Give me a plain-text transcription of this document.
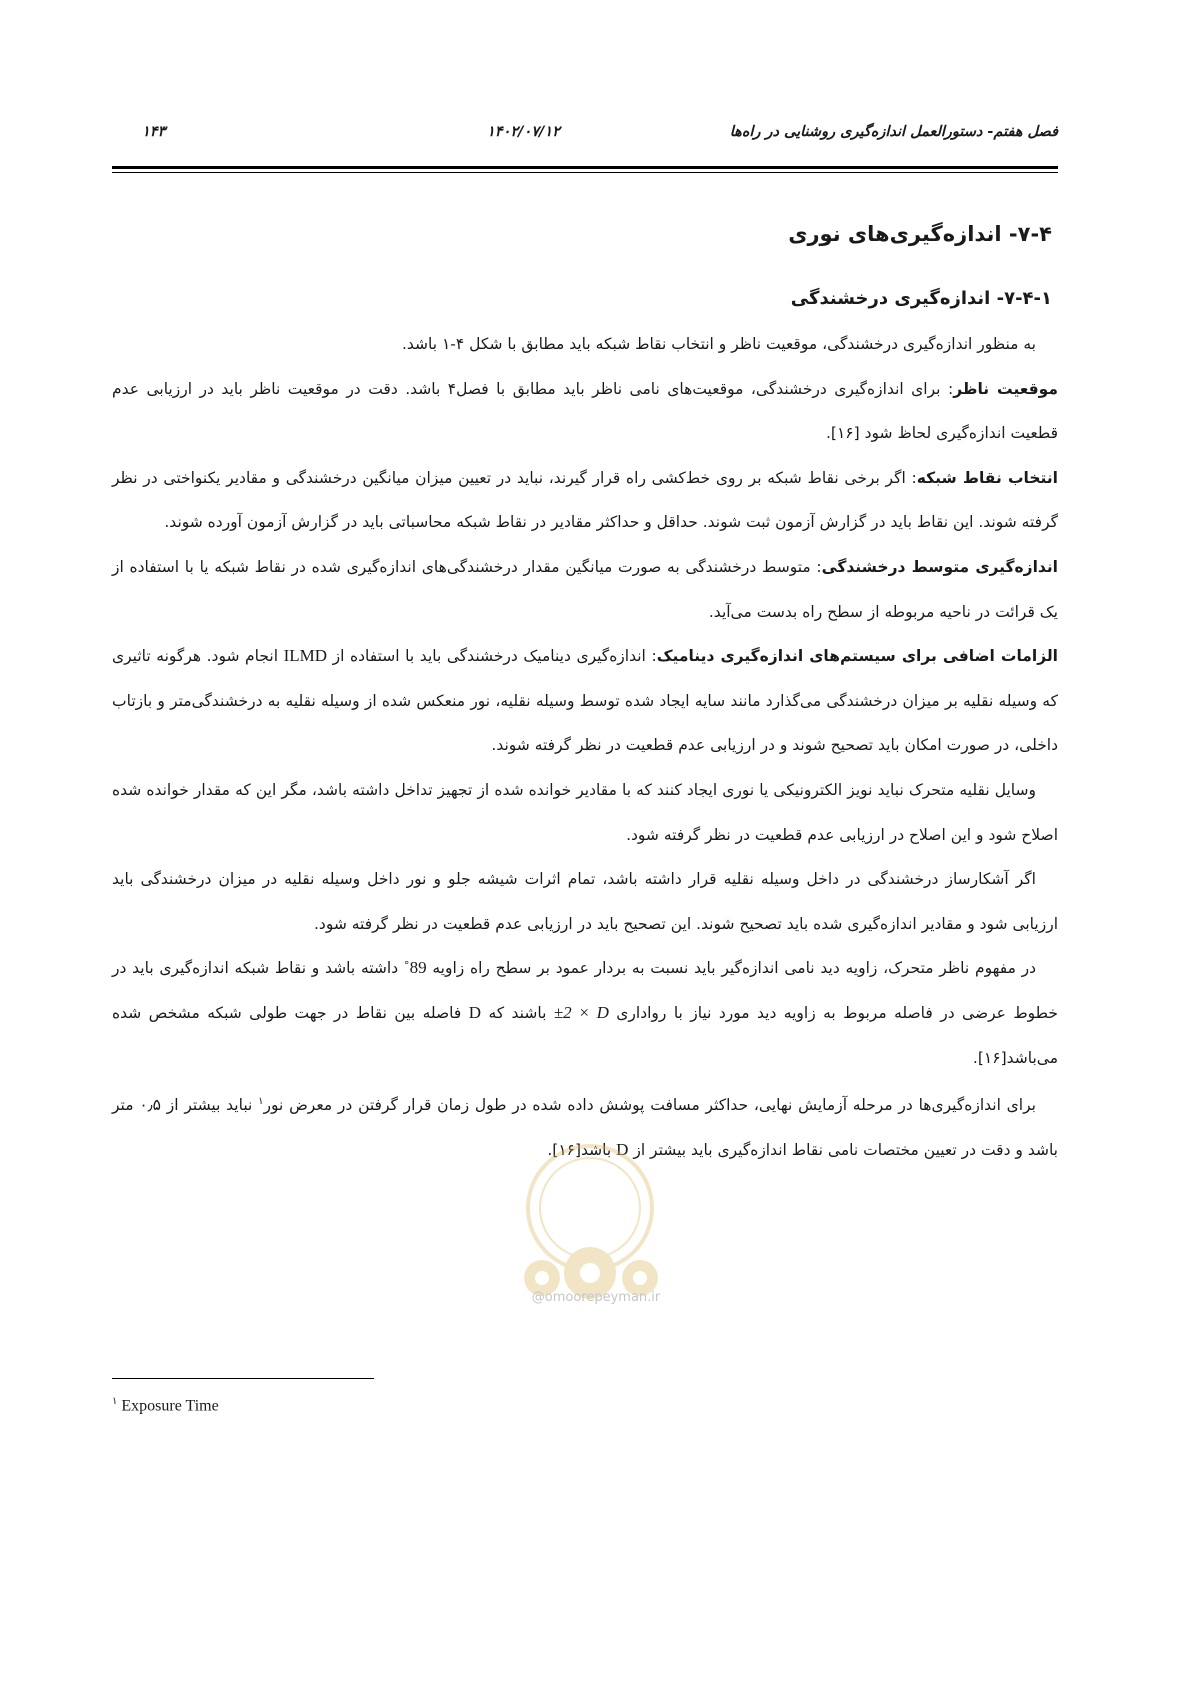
فصل هفتم- دستورالعمل اندازه‌گیری روشنایی در راه‌ها
۱۴۰۲/۰۷/۱۲
۱۴۳
۷-۴- اندازه‌گیری‌های نوری
۷-۴-۱- اندازه‌گیری درخشندگی

به منظور اندازه‌گیری درخشندگی، موقعیت ناظر و انتخاب نقاط شبکه باید مطابق با شکل ۴-۱ باشد.

موقعیت ناظر: برای اندازه‌گیری درخشندگی، موقعیت‌های نامی ناظر باید مطابق با فصل۴ باشد. دقت در موقعیت ناظر باید در ارزیابی عدم قطعیت اندازه‌گیری لحاظ شود [۱۶].

انتخاب نقاط شبکه: اگر برخی نقاط شبکه بر روی خط‌کشی راه قرار گیرند، نباید در تعیین میزان میانگین درخشندگی و مقادیر یکنواختی در نظر گرفته شوند. این نقاط باید در گزارش آزمون ثبت شوند. حداقل و حداکثر مقادیر در نقاط شبکه محاسباتی باید در گزارش آزمون آورده شوند.

اندازه‌گیری متوسط درخشندگی: متوسط درخشندگی به صورت میانگین مقدار درخشندگی‌های اندازه‌گیری شده در نقاط شبکه یا با استفاده از یک قرائت در ناحیه مربوطه از سطح راه بدست می‌آید.

الزامات اضافی برای سیستم‌های اندازه‌گیری دینامیک: اندازه‌گیری دینامیک درخشندگی باید با استفاده از ILMD انجام شود. هرگونه تاثیری که وسیله نقلیه بر میزان درخشندگی می‌گذارد مانند سایه ایجاد شده توسط وسیله نقلیه، نور منعکس شده از وسیله نقلیه به درخشندگی‌متر و بازتاب داخلی، در صورت امکان باید تصحیح شوند و در ارزیابی عدم قطعیت در نظر گرفته شوند.

وسایل نقلیه متحرک نباید نویز الکترونیکی یا نوری ایجاد کنند که با مقادیر خوانده شده از تجهیز تداخل داشته باشد، مگر این که مقدار خوانده شده اصلاح شود و این اصلاح در ارزیابی عدم قطعیت در نظر گرفته شود.

اگر آشکارساز درخشندگی در داخل وسیله نقلیه قرار داشته باشد، تمام اثرات شیشه جلو و نور داخل وسیله نقلیه در میزان درخشندگی باید ارزیابی شود و مقادیر اندازه‌گیری شده باید تصحیح شوند. این تصحیح باید در ارزیابی عدم قطعیت در نظر گرفته شود.

در مفهوم ناظر متحرک، زاویه دید نامی اندازه‌گیر باید نسبت به بردار عمود بر سطح راه زاویه 89˚ داشته باشد و نقاط شبکه اندازه‌گیری باید در خطوط عرضی در فاصله مربوط به زاویه دید مورد نیاز با رواداری ±2 × D باشند که D فاصله بین نقاط در جهت طولی شبکه مشخص شده می‌باشد[۱۶].

برای اندازه‌گیری‌ها در مرحله آزمایش نهایی، حداکثر مسافت پوشش داده شده در طول زمان قرار گرفتن در معرض نور$^۱$ نباید بیشتر از ۰٫۵ متر باشد و دقت در تعیین مختصات نامی نقاط اندازه‌گیری باید بیشتر از D باشد[۱۶].

@omoorepeyman.ir
$^۱$ Exposure Time
